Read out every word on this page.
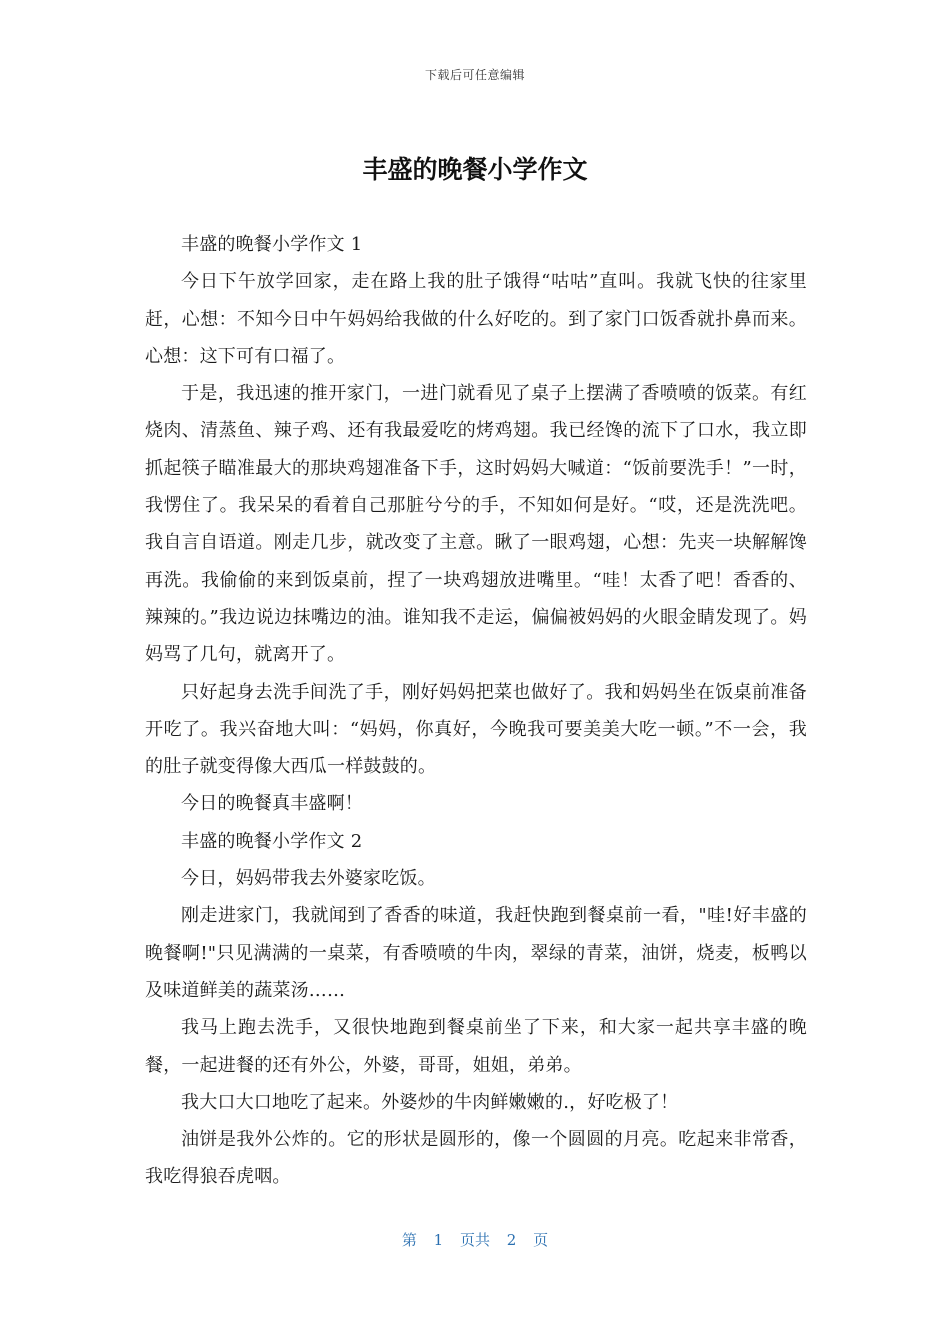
下载后可任意编辑
丰盛的晚餐小学作文

丰盛的晚餐小学作文 1

今日下午放学回家，走在路上我的肚子饿得“咕咕”直叫。我就飞快的往家里赶，心想：不知今日中午妈妈给我做的什么好吃的。到了家门口饭香就扑鼻而来。心想：这下可有口福了。

于是，我迅速的推开家门，一进门就看见了桌子上摆满了香喷喷的饭菜。有红烧肉、清蒸鱼、辣子鸡、还有我最爱吃的烤鸡翅。我已经馋的流下了口水，我立即抓起筷子瞄准最大的那块鸡翅准备下手，这时妈妈大喊道：“饭前要洗手！”一时，我愣住了。我呆呆的看着自己那脏兮兮的手，不知如何是好。“哎，还是洗洗吧。我自言自语道。刚走几步，就改变了主意。瞅了一眼鸡翅，心想：先夹一块解解馋再洗。我偷偷的来到饭桌前，捏了一块鸡翅放进嘴里。“哇！太香了吧！香香的、辣辣的。”我边说边抹嘴边的油。谁知我不走运，偏偏被妈妈的火眼金睛发现了。妈妈骂了几句，就离开了。

只好起身去洗手间洗了手，刚好妈妈把菜也做好了。我和妈妈坐在饭桌前准备开吃了。我兴奋地大叫：“妈妈，你真好，今晚我可要美美大吃一顿。”不一会，我的肚子就变得像大西瓜一样鼓鼓的。

今日的晚餐真丰盛啊！

丰盛的晚餐小学作文 2

今日，妈妈带我去外婆家吃饭。

刚走进家门，我就闻到了香香的味道，我赶快跑到餐桌前一看，"哇!好丰盛的晚餐啊!"只见满满的一桌菜，有香喷喷的牛肉，翠绿的青菜，油饼，烧麦，板鸭以及味道鲜美的蔬菜汤……

我马上跑去洗手，又很快地跑到餐桌前坐了下来，和大家一起共享丰盛的晚餐，一起进餐的还有外公，外婆，哥哥，姐姐，弟弟。

我大口大口地吃了起来。外婆炒的牛肉鲜嫩嫩的.，好吃极了！

油饼是我外公炸的。它的形状是圆形的，像一个圆圆的月亮。吃起来非常香，我吃得狼吞虎咽。

第 1 页共 2 页
